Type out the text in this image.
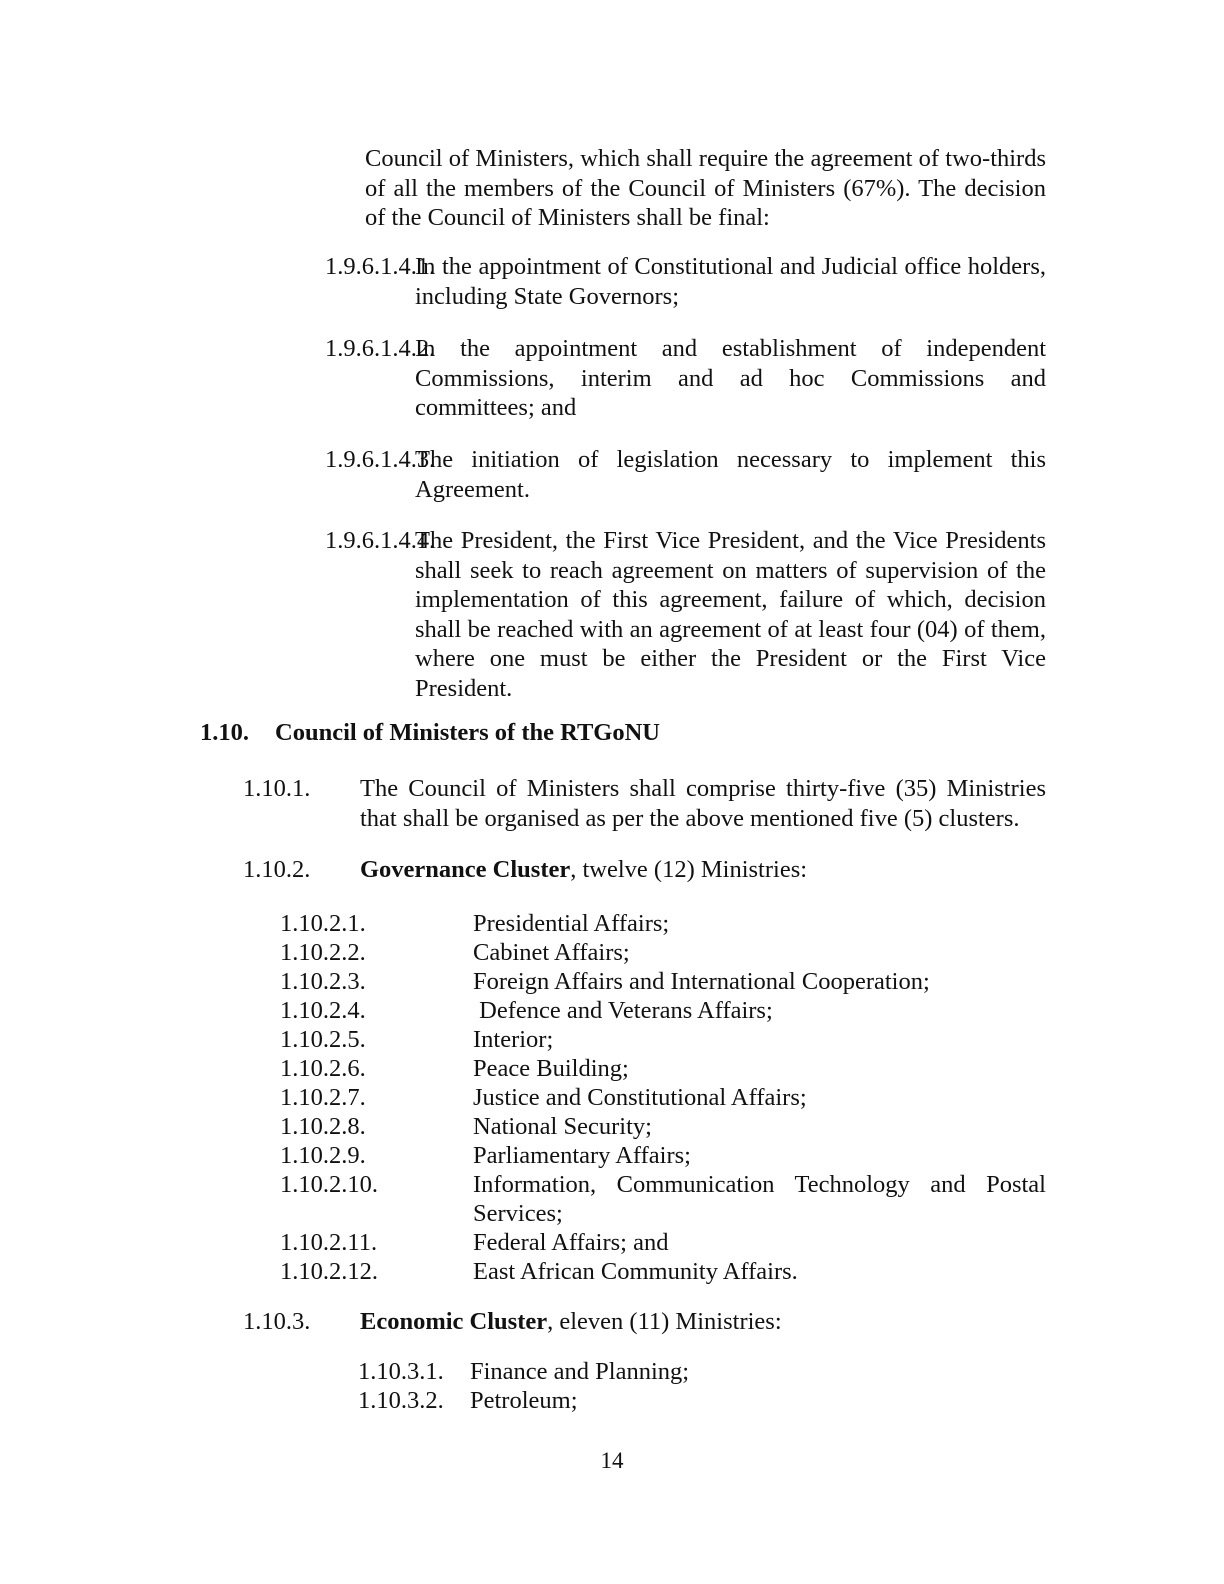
Council of Ministers, which shall require the agreement of two-thirds of all the members of the Council of Ministers (67%). The decision of the Council of Ministers shall be final:
1.9.6.1.4.1.
In the appointment of Constitutional and Judicial office holders, including State Governors;
1.9.6.1.4.2.
In the appointment and establishment of independent Commissions, interim and ad hoc Commissions and committees; and
1.9.6.1.4.3.
The initiation of legislation necessary to implement this Agreement.
1.9.6.1.4.4.
The President, the First Vice President, and the Vice Presidents shall seek to reach agreement on matters of supervision of the implementation of this agreement, failure of which, decision shall be reached with an agreement of at least four (04) of them, where one must be either the President or the First Vice President.
1.10. Council of Ministers of the RTGoNU
1.10.1. The Council of Ministers shall comprise thirty-five (35) Ministries that shall be organised as per the above mentioned five (5) clusters.
1.10.2. Governance Cluster, twelve (12) Ministries:
1.10.2.1.	Presidential Affairs;
1.10.2.2.	Cabinet Affairs;
1.10.2.3.	Foreign Affairs and International Cooperation;
1.10.2.4.	Defence and Veterans Affairs;
1.10.2.5.	Interior;
1.10.2.6.	Peace Building;
1.10.2.7.	Justice and Constitutional Affairs;
1.10.2.8.	National Security;
1.10.2.9.	Parliamentary Affairs;
1.10.2.10.	Information, Communication Technology and Postal Services;
1.10.2.11.	Federal Affairs; and
1.10.2.12.	East African Community Affairs.
1.10.3. Economic Cluster, eleven (11) Ministries:
1.10.3.1. Finance and Planning;
1.10.3.2. Petroleum;
14
